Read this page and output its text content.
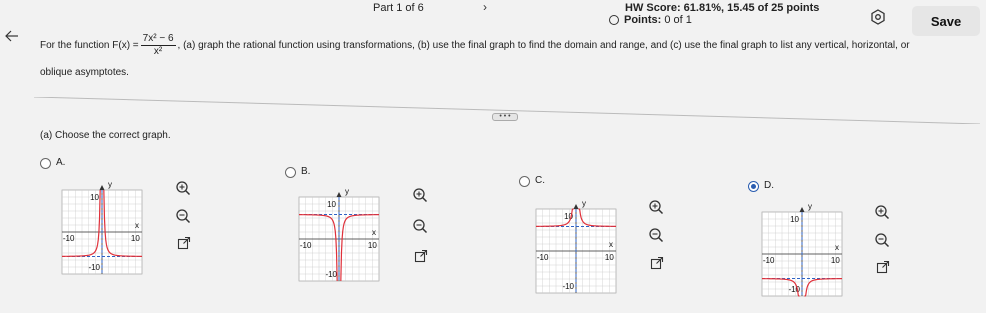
Part 1 of 6	›	HW Score: 61.81%, 15.45 of 25 points
Points: 0 of 1	Save
For the function $F(x) = \frac{\text{7x² − 6}}{\text{x²}}$ , (a) graph the rational function using transformations, (b) use the final graph to find the domain and range, and (c) use the final graph to list any vertical, horizontal, or
oblique asymptotes.
• • •
(a) Choose the correct graph.
A.
y
x
10
-10	10
-10
B.
y
x
10
-10	10
-10
C.
y
x
10
-10	10
-10
D.
y
x
10
-10	10
-10
